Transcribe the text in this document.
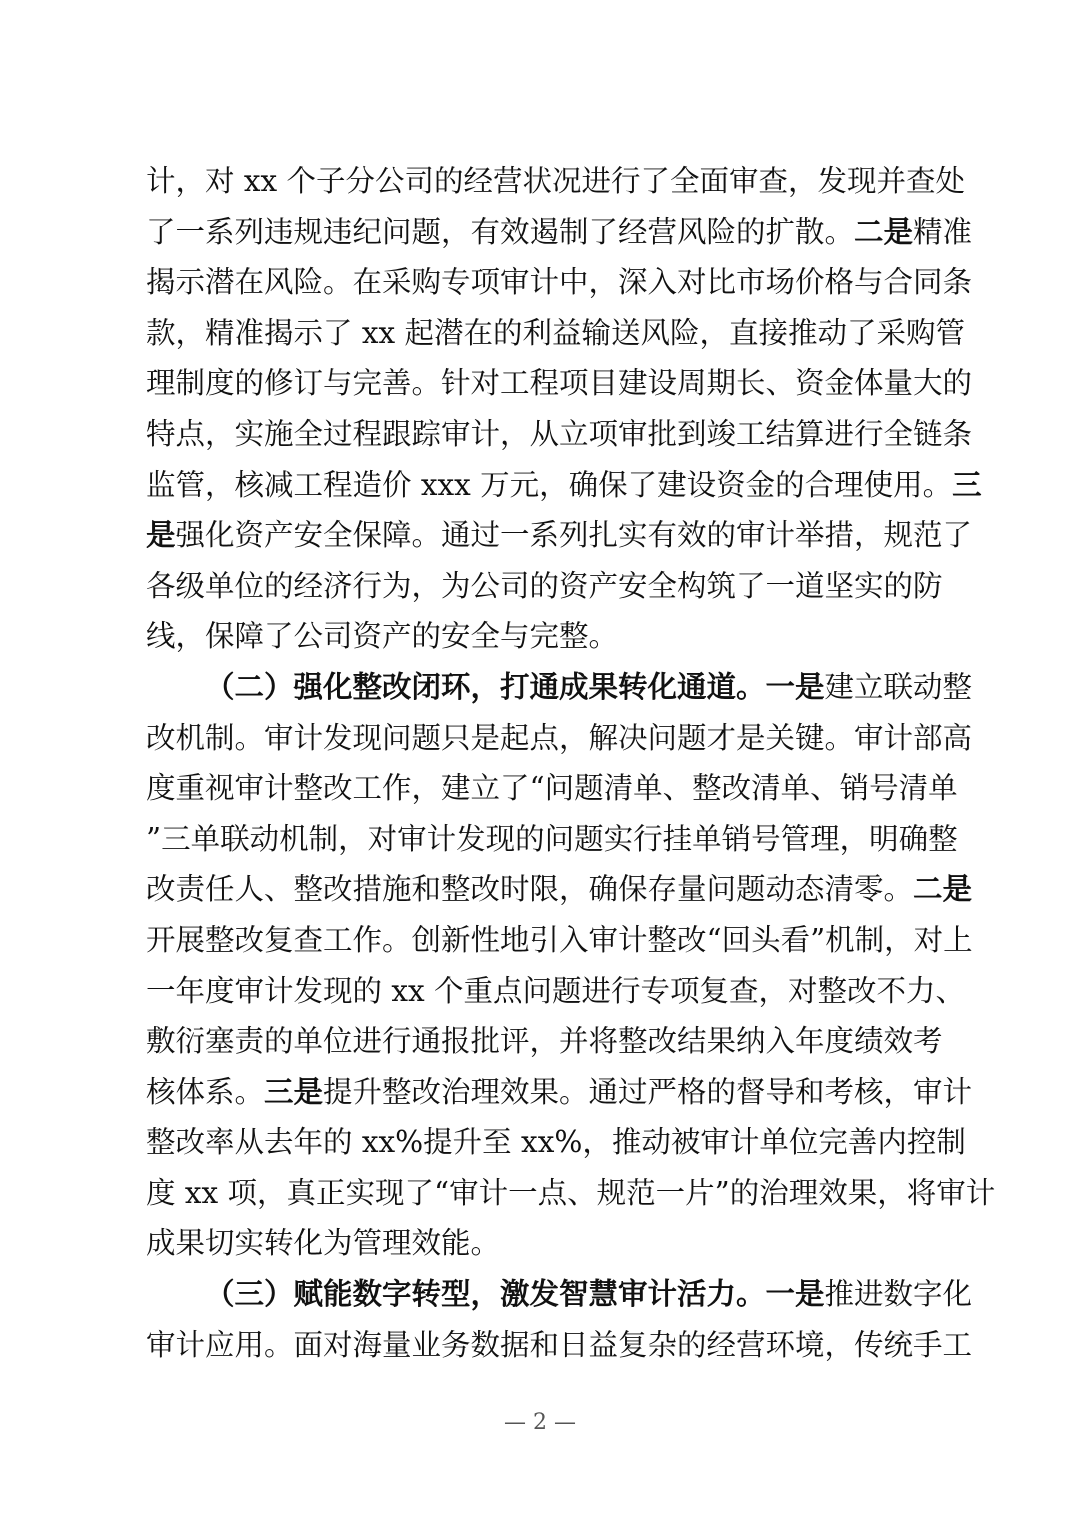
计，对 xx 个子分公司的经营状况进行了全面审查，发现并查处
了一系列违规违纪问题，有效遏制了经营风险的扩散。二是精准
揭示潜在风险。在采购专项审计中，深入对比市场价格与合同条
款，精准揭示了 xx 起潜在的利益输送风险，直接推动了采购管
理制度的修订与完善。针对工程项目建设周期长、资金体量大的
特点，实施全过程跟踪审计，从立项审批到竣工结算进行全链条
监管，核减工程造价 xxx 万元，确保了建设资金的合理使用。三
是强化资产安全保障。通过一系列扎实有效的审计举措，规范了
各级单位的经济行为，为公司的资产安全构筑了一道坚实的防
线，保障了公司资产的安全与完整。
（二）强化整改闭环，打通成果转化通道。一是建立联动整
改机制。审计发现问题只是起点，解决问题才是关键。审计部高
度重视审计整改工作，建立了“问题清单、整改清单、销号清单
”三单联动机制，对审计发现的问题实行挂单销号管理，明确整
改责任人、整改措施和整改时限，确保存量问题动态清零。二是
开展整改复查工作。创新性地引入审计整改“回头看”机制，对上
一年度审计发现的 xx 个重点问题进行专项复查，对整改不力、
敷衍塞责的单位进行通报批评，并将整改结果纳入年度绩效考
核体系。三是提升整改治理效果。通过严格的督导和考核，审计
整改率从去年的 xx%提升至 xx%，推动被审计单位完善内控制
度 xx 项，真正实现了“审计一点、规范一片”的治理效果，将审计
成果切实转化为管理效能。
（三）赋能数字转型，激发智慧审计活力。一是推进数字化
审计应用。面对海量业务数据和日益复杂的经营环境，传统手工
— 2 —
